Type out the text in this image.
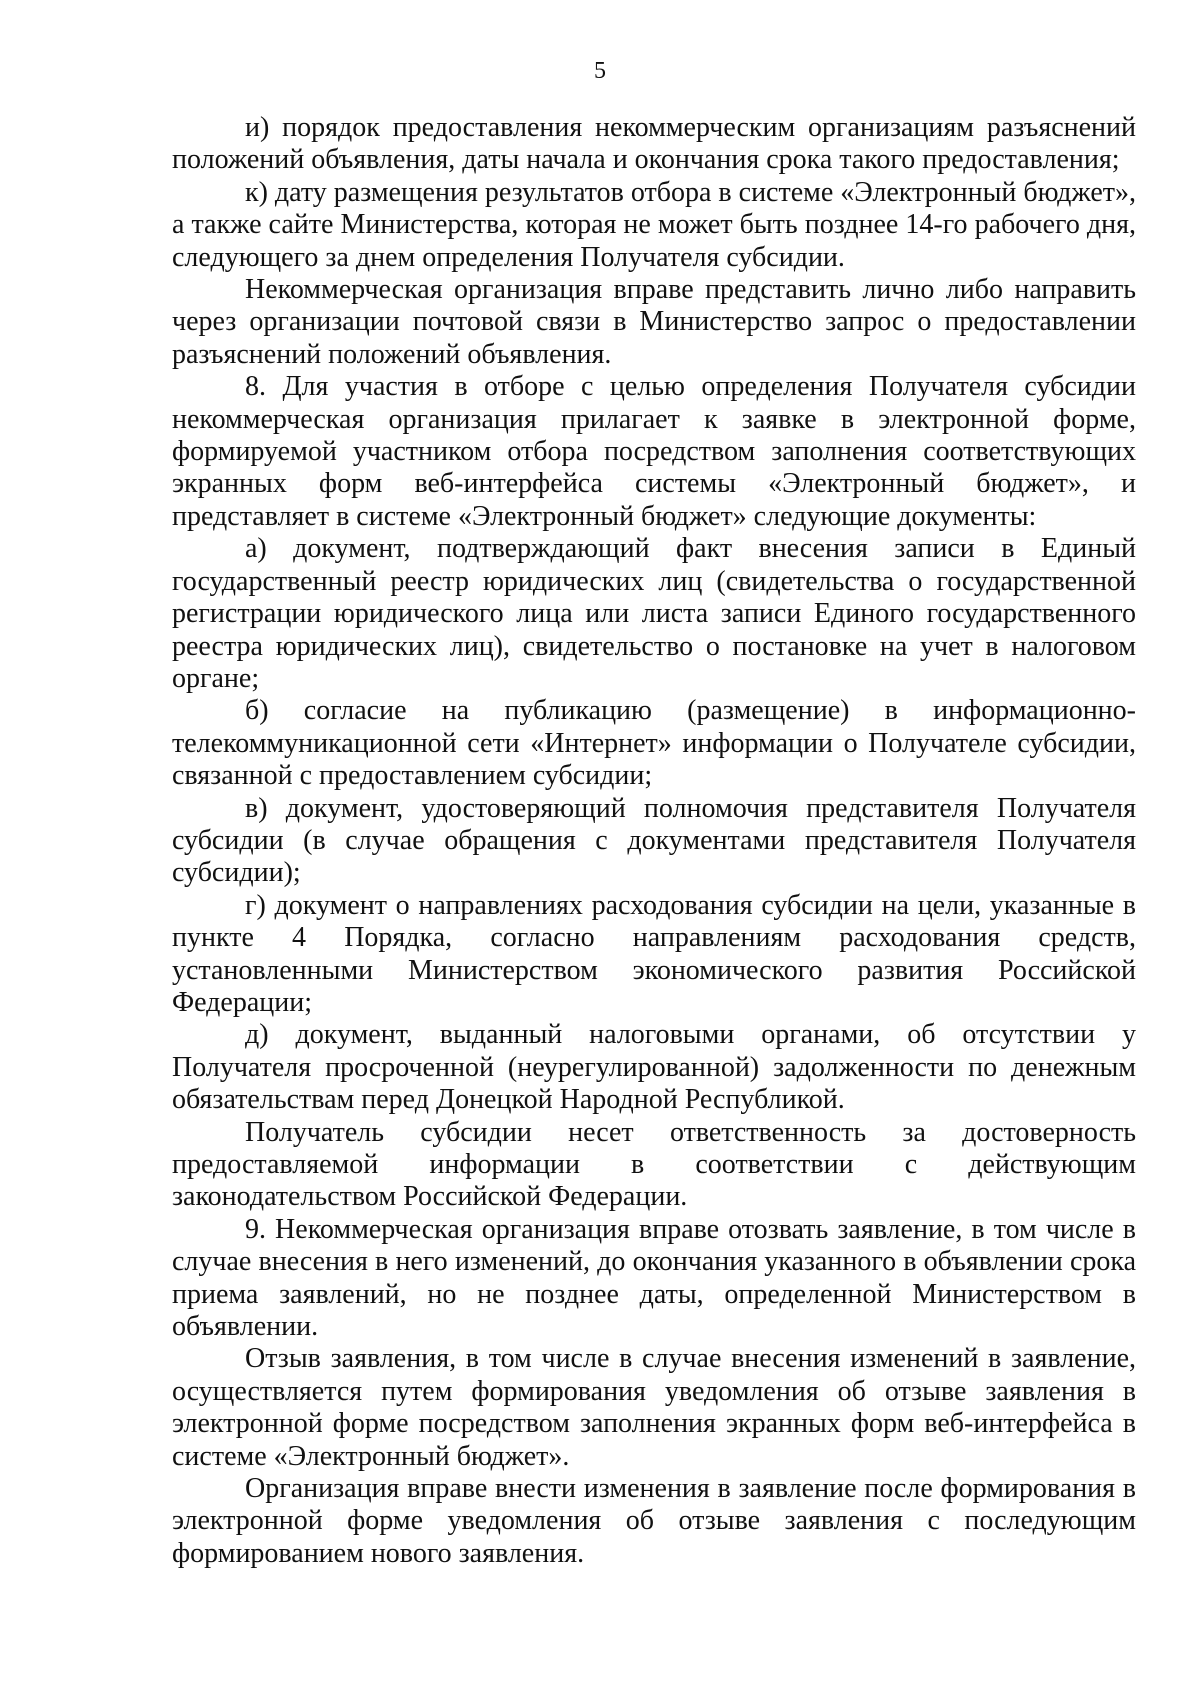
5

и) порядок предоставления некоммерческим организациям разъяснений положений объявления, даты начала и окончания срока такого предоставления;

к) дату размещения результатов отбора в системе «Электронный бюджет», а также сайте Министерства, которая не может быть позднее 14-го рабочего дня, следующего за днем определения Получателя субсидии.

Некоммерческая организация вправе представить лично либо направить через организации почтовой связи в Министерство запрос о предоставлении разъяснений положений объявления.

8. Для участия в отборе с целью определения Получателя субсидии некоммерческая организация прилагает к заявке в электронной форме, формируемой участником отбора посредством заполнения соответствующих экранных форм веб-интерфейса системы «Электронный бюджет», и представляет в системе «Электронный бюджет» следующие документы:

а) документ, подтверждающий факт внесения записи в Единый государственный реестр юридических лиц (свидетельства о государственной регистрации юридического лица или листа записи Единого государственного реестра юридических лиц), свидетельство о постановке на учет в налоговом органе;

б) согласие на публикацию (размещение) в информационно-телекоммуникационной сети «Интернет» информации о Получателе субсидии, связанной с предоставлением субсидии;

в) документ, удостоверяющий полномочия представителя Получателя субсидии (в случае обращения с документами представителя Получателя субсидии);

г) документ о направлениях расходования субсидии на цели, указанные в пункте 4 Порядка, согласно направлениям расходования средств, установленными Министерством экономического развития Российской Федерации;

д) документ, выданный налоговыми органами, об отсутствии у Получателя просроченной (неурегулированной) задолженности по денежным обязательствам перед Донецкой Народной Республикой.

Получатель субсидии несет ответственность за достоверность предоставляемой информации в соответствии с действующим законодательством Российской Федерации.

9. Некоммерческая организация вправе отозвать заявление, в том числе в случае внесения в него изменений, до окончания указанного в объявлении срока приема заявлений, но не позднее даты, определенной Министерством в объявлении.

Отзыв заявления, в том числе в случае внесения изменений в заявление, осуществляется путем формирования уведомления об отзыве заявления в электронной форме посредством заполнения экранных форм веб-интерфейса в системе «Электронный бюджет».

Организация вправе внести изменения в заявление после формирования в электронной форме уведомления об отзыве заявления с последующим формированием нового заявления.
